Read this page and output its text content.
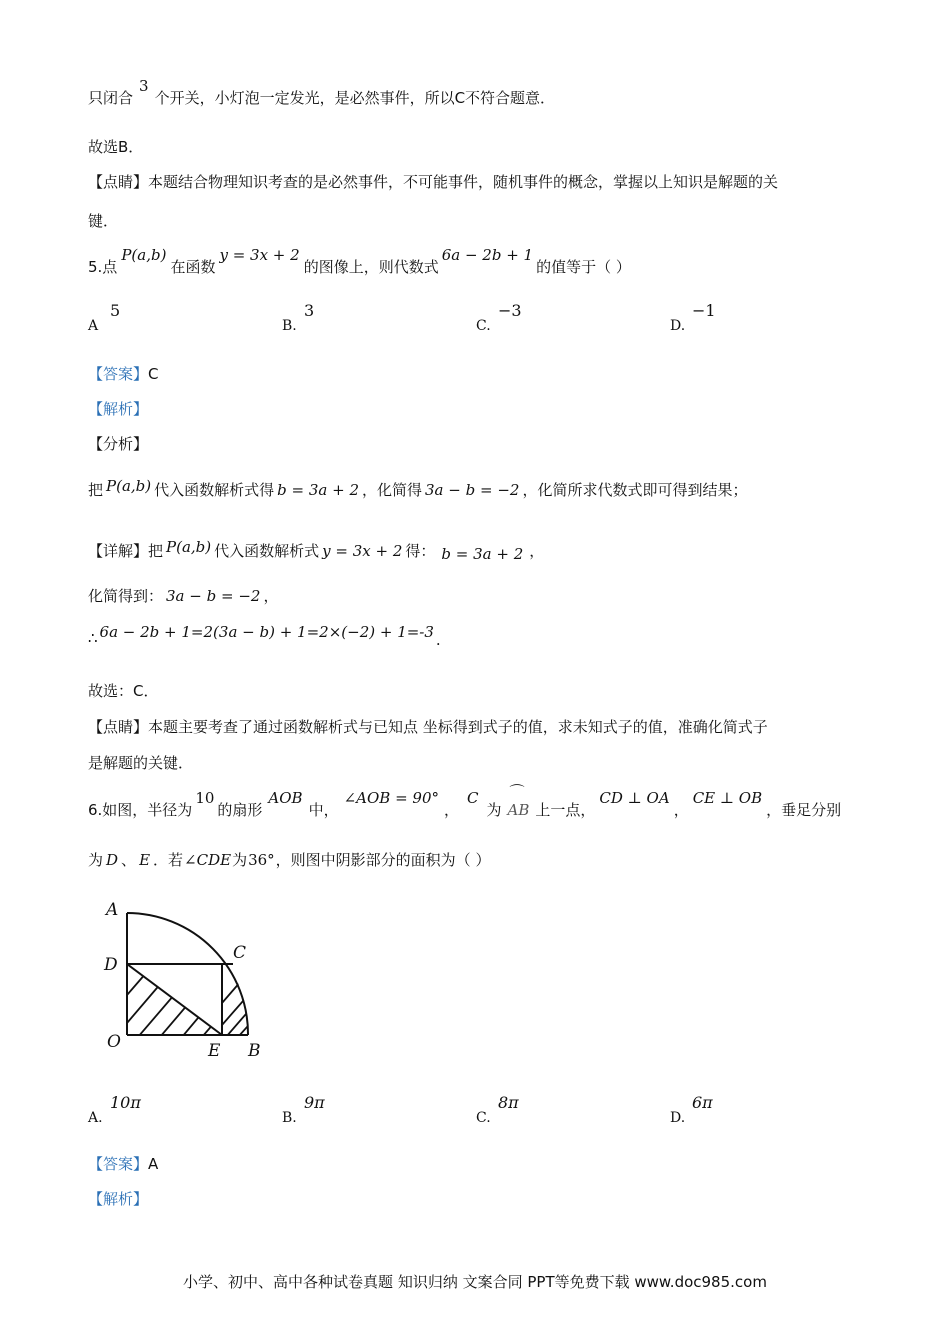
只闭合3个开关，小灯泡一定发光，是必然事件，所以C不符合题意．
故选B．
【点睛】本题结合物理知识考查的是必然事件，不可能事件，随机事件的概念，掌握以上知识是解题的关
键．
5.点P(a,b)在函数y = 3x + 2的图像上，则代数式6a − 2b + 1的值等于（ ）
A
5
B.
3
C.
−3
D.
−1
【答案】C
【解析】
【分析】
把 P(a,b) 代入函数解析式得 b = 3a + 2 ，化简得 3a − b = −2 ，化简所求代数式即可得到结果；
【详解】把 P(a,b) 代入函数解析式 y = 3x + 2 得： b = 3a + 2 ，
化简得到： 3a − b = −2 ，
∴ 6a − 2b + 1=2(3a − b) + 1=2×(−2) + 1=-3 .
故选：C．
【点睛】本题主要考查了通过函数解析式与已知点 坐标得到式子的值，求未知式子的值，准确化简式子
是解题的关键．
6.如图，半径为10的扇形AOB中，∠AOB = 90°，C为
⌒
AB 上一点，CD ⊥ OA，CE ⊥ OB，垂足分别
为 D 、 E ．若∠CDE为36°，则图中阴影部分的面积为（ ）
A
C
D
O	E B
A.
10π
B.
9π
C.
8π
D.
6π
【答案】A
【解析】
小学、初中、高中各种试卷真题 知识归纳 文案合同 PPT等免费下载 www.doc985.com
